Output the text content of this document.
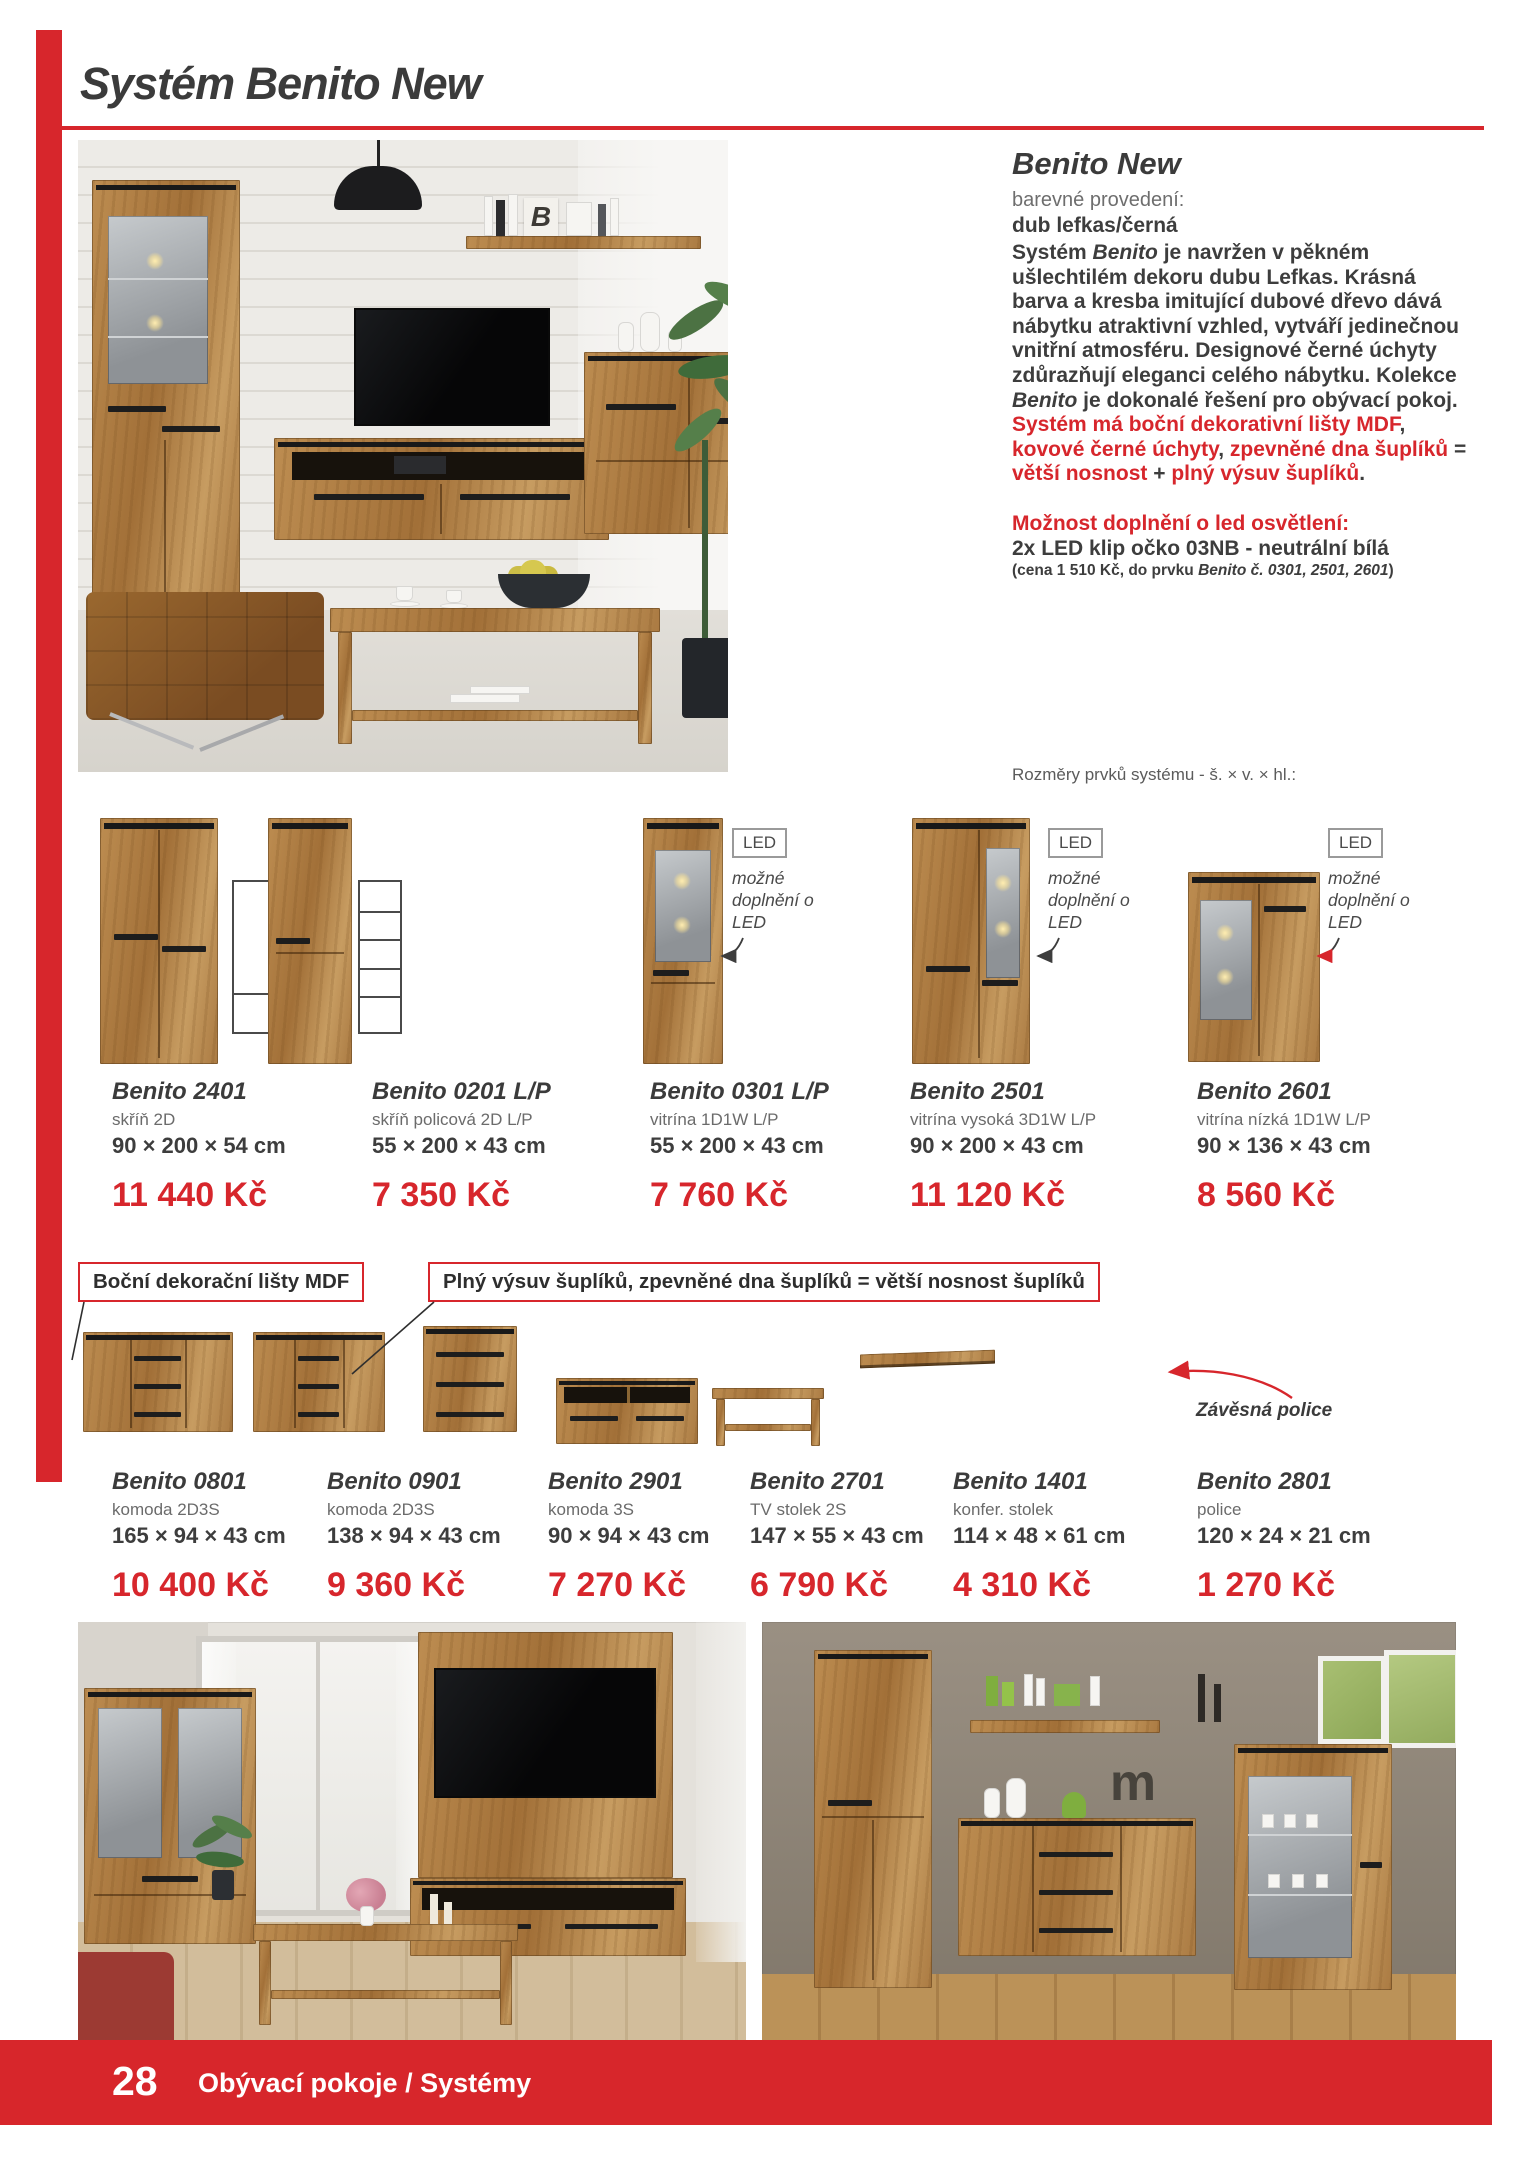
Systém Benito New
B
Benito New
barevné provedení:
dub lefkas/černá

Systém Benito je navržen v pěkném ušlechtilém dekoru dubu Lefkas. Krásná barva a kresba imitující dubové dřevo dává nábytku atraktivní vzhled, vytváří jedinečnou vnitřní atmosféru. Designové černé úchyty zdůrazňují eleganci celého nábytku. Kolekce Benito je dokonalé řešení pro obývací pokoj. Systém má boční dekorativní lišty MDF, kovové černé úchyty, zpevněné dna šuplíků = větší nosnost + plný výsuv šuplíků.

Možnost doplnění o led osvětlení:

2x LED klip očko 03NB - neutrální bílá

(cena 1 510 Kč, do prvku Benito č. 0301, 2501, 2601)

Rozměry prvků systému - š. × v. × hl.:
LED
možné doplnění o LED
LED
možné doplnění o LED
LED
možné doplnění o LED
Boční dekorační lišty MDF	Plný výsuv šuplíků, zpevněné dna šuplíků = větší nosnost šuplíků
Závěsná police
m
28 Obývací pokoje / Systémy
Benito 2401
skříň 2D
90 × 200 × 54 cm
11 440 Kč
Benito 0201 L/P
skříň policová 2D L/P
55 × 200 × 43 cm
7 350 Kč
Benito 0301 L/P
vitrína 1D1W L/P
55 × 200 × 43 cm
7 760 Kč
Benito 2501
vitrína vysoká 3D1W L/P
90 × 200 × 43 cm
11 120 Kč
Benito 2601
vitrína nízká 1D1W L/P
90 × 136 × 43 cm
8 560 Kč
Benito 0801
komoda 2D3S
165 × 94 × 43 cm
10 400 Kč
Benito 0901
komoda 2D3S
138 × 94 × 43 cm
9 360 Kč
Benito 2901
komoda 3S
90 × 94 × 43 cm
7 270 Kč
Benito 2701
TV stolek 2S
147 × 55 × 43 cm
6 790 Kč
Benito 1401
konfer. stolek
114 × 48 × 61 cm
4 310 Kč
Benito 2801
police
120 × 24 × 21 cm
1 270 Kč
